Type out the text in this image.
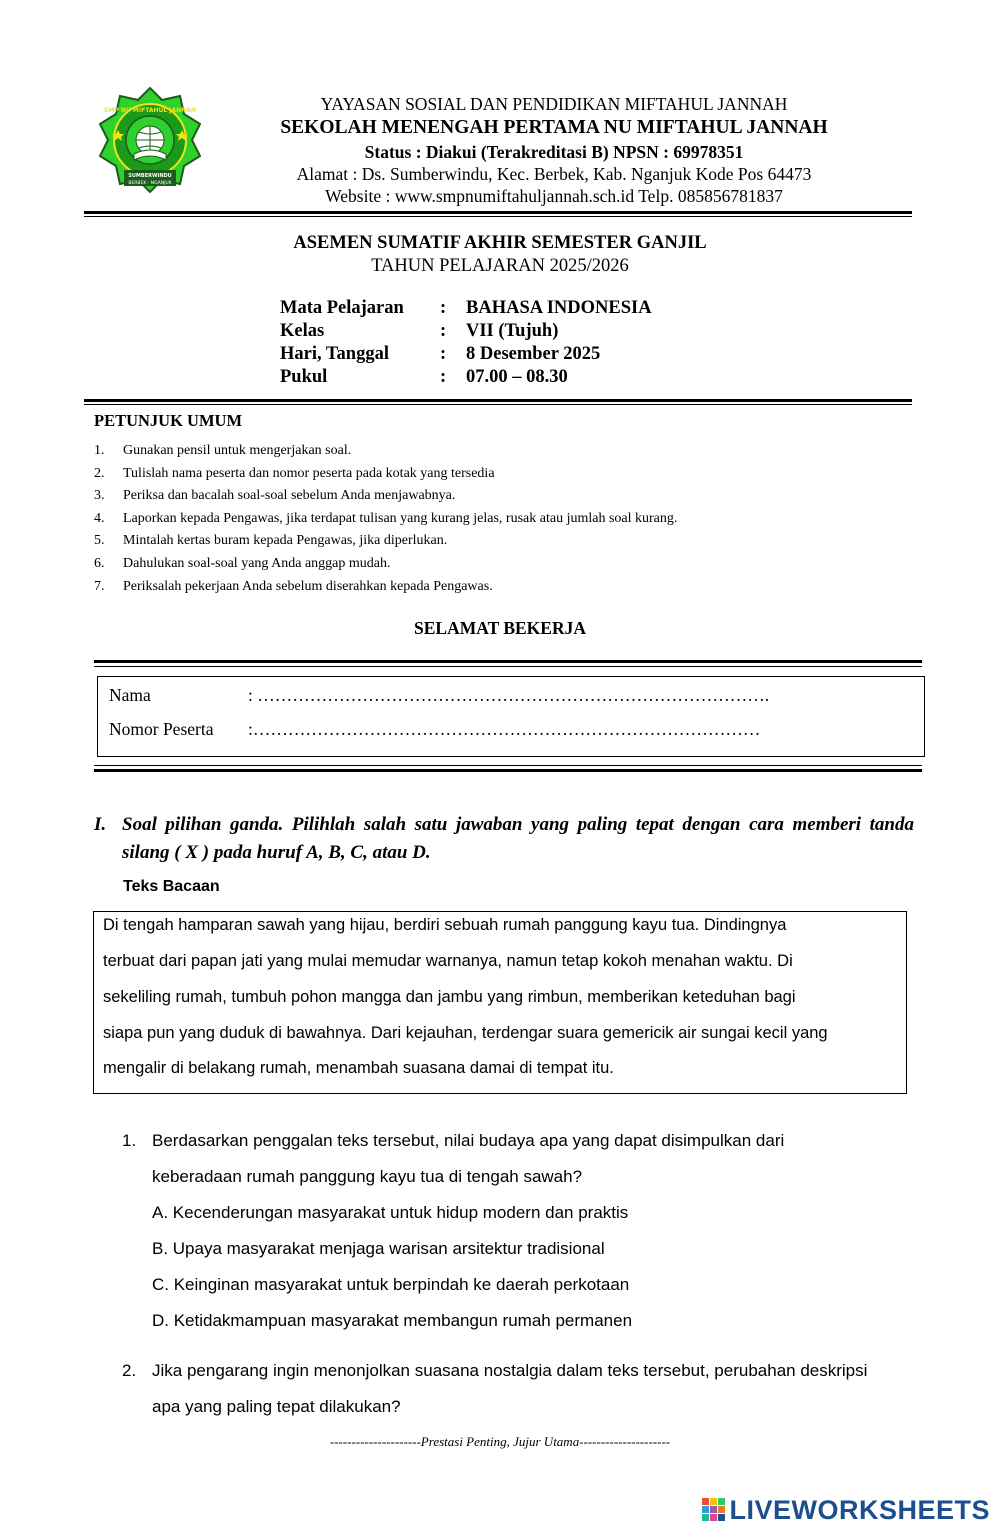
SMP NU MIFTAHUL JANNAH
SUMBERWINDU
BERBEK - NGANJUK
YAYASAN SOSIAL DAN PENDIDIKAN MIFTAHUL JANNAH
SEKOLAH MENENGAH PERTAMA NU MIFTAHUL JANNAH
Status : Diakui (Terakreditasi B) NPSN : 69978351
Alamat : Ds. Sumberwindu, Kec. Berbek, Kab. Nganjuk Kode Pos 64473
Website : www.smpnumiftahuljannah.sch.id Telp. 085856781837
ASEMEN SUMATIF AKHIR SEMESTER GANJIL
TAHUN PELAJARAN 2025/2026
Mata Pelajaran : BAHASA INDONESIA
Kelas	: VII (Tujuh)
Hari, Tanggal	: 8 Desember 2025
Pukul	: 07.00 – 08.30
PETUNJUK UMUM
1. Gunakan pensil untuk mengerjakan soal.
2. Tulislah nama peserta dan nomor peserta pada kotak yang tersedia
3. Periksa dan bacalah soal-soal sebelum Anda menjawabnya.
4. Laporkan kepada Pengawas, jika terdapat tulisan yang kurang jelas, rusak atau jumlah soal kurang.
5. Mintalah kertas buram kepada Pengawas, jika diperlukan.
6. Dahulukan soal-soal yang Anda anggap mudah.
7. Periksalah pekerjaan Anda sebelum diserahkan kepada Pengawas.
SELAMAT BEKERJA
Nama	: …………………………………………………………………………….
Nomor Peserta :……………………………………………………………………………
I. Soal pilihan ganda. Pilihlah salah satu jawaban yang paling tepat dengan cara memberi tanda
silang ( X ) pada huruf A, B, C, atau D.
Teks Bacaan
Di tengah hamparan sawah yang hijau, berdiri sebuah rumah panggung kayu tua. Dindingnya
terbuat dari papan jati yang mulai memudar warnanya, namun tetap kokoh menahan waktu. Di
sekeliling rumah, tumbuh pohon mangga dan jambu yang rimbun, memberikan keteduhan bagi
siapa pun yang duduk di bawahnya. Dari kejauhan, terdengar suara gemericik air sungai kecil yang
mengalir di belakang rumah, menambah suasana damai di tempat itu.
1. Berdasarkan penggalan teks tersebut, nilai budaya apa yang dapat disimpulkan dari
keberadaan rumah panggung kayu tua di tengah sawah?
A. Kecenderungan masyarakat untuk hidup modern dan praktis
B. Upaya masyarakat menjaga warisan arsitektur tradisional
C. Keinginan masyarakat untuk berpindah ke daerah perkotaan
D. Ketidakmampuan masyarakat membangun rumah permanen
2. Jika pengarang ingin menonjolkan suasana nostalgia dalam teks tersebut, perubahan deskripsi
apa yang paling tepat dilakukan?
---------------------Prestasi Penting, Jujur Utama---------------------
LIVEWORKSHEETS
